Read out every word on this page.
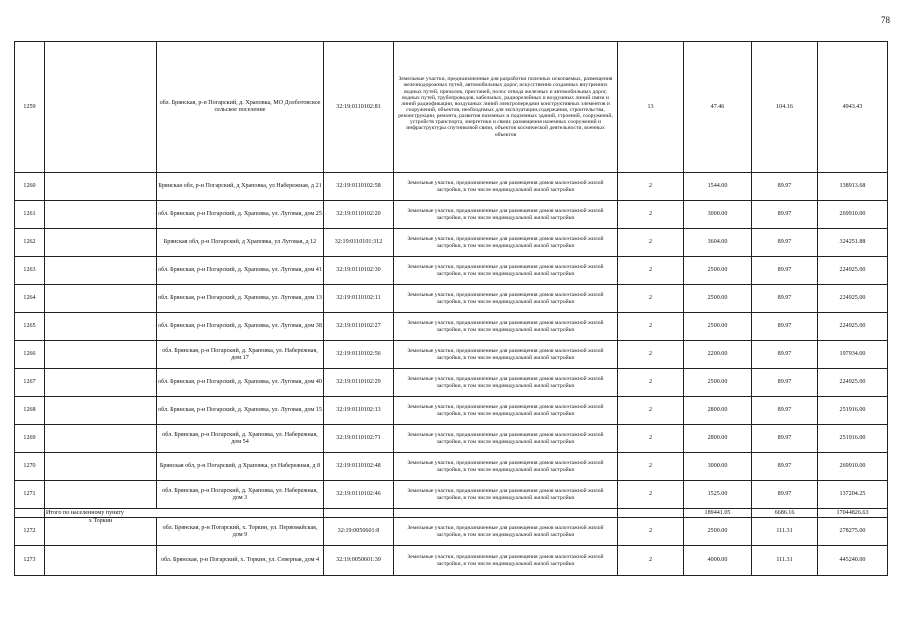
78
1259		обл. Брянская, р-н Погарский, д. Храповка, МО Долботовское сельское поселение	32:19:0110102:81	Земельные участки, предназначенные для разработки полезных ископаемых, размещения железнодорожных путей, автомобильных дорог, искусственно созданных внутренних водных путей, причалов, пристаней, полос отвода железных и автомобильных дорог, водных путей, трубопроводов, кабельных, радиорелейных и воздушных линий связи и линий радиофикации, воздушных линий электропередачи конструктивных элементов и сооружений, объектов, необходимых для эксплуатации,содержания, строительства, реконструкции, ремонта, развития наземных и подземных зданий, строений, сооружений, устройств транспорта, энергетики и связи; размещения наземных сооружений и инфраструктуры спутниковой связи, объектов космической деятельности, военных объектов	13	47.46	104.16	4943.43
1260		Брянская обл, р-н Погарский, д Храповка, ул Набережная, д 21	32:19:0110102:58	Земельные участки, предназначенные для размещения домов малоэтажной жилой застройки, в том числе индивидуальной жилой застройки	2	1544.00	89.97	138913.68
1261		обл. Брянская, р-н Погарский, д. Храповка, ул. Луговая, дом 25	32:19:0110102:20	Земельные участки, предназначенные для размещения домов малоэтажной жилой застройки, в том числе индивидуальной жилой застройки	2	3000.00	89.97	269910.00
1262		Брянская обл, р-н Погарский, д Храповка, ул Луговая, д 12	32:19:0110101:312	Земельные участки, предназначенные для размещения домов малоэтажной жилой застройки, в том числе индивидуальной жилой застройки	2	3604.00	89.97	324251.88
1263		обл. Брянская, р-н Погарский, д. Храповка, ул. Луговая, дом 41	32:19:0110102:30	Земельные участки, предназначенные для размещения домов малоэтажной жилой застройки, в том числе индивидуальной жилой застройки	2	2500.00	89.97	224925.00
1264		обл. Брянская, р-н Погарский, д. Храповка, ул. Луговая, дом 13	32:19:0110102:11	Земельные участки, предназначенные для размещения домов малоэтажной жилой застройки, в том числе индивидуальной жилой застройки	2	2500.00	89.97	224925.00
1265		обл. Брянская, р-н Погарский, д. Храповка, ул. Луговая, дом 38	32:19:0110102:27	Земельные участки, предназначенные для размещения домов малоэтажной жилой застройки, в том числе индивидуальной жилой застройки	2	2500.00	89.97	224925.00
1266		обл. Брянская, р-н Погарский, д. Храповка, ул. Набережная, дом 17	32:19:0110102:56	Земельные участки, предназначенные для размещения домов малоэтажной жилой застройки, в том числе индивидуальной жилой застройки	2	2200.00	89.97	197934.00
1267		обл. Брянская, р-н Погарский, д. Храповка, ул. Луговая, дом 40	32:19:0110102:29	Земельные участки, предназначенные для размещения домов малоэтажной жилой застройки, в том числе индивидуальной жилой застройки	2	2500.00	89.97	224925.00
1268		обл. Брянская, р-н Погарский, д. Храповка, ул. Луговая, дом 15	32:19:0110102:13	Земельные участки, предназначенные для размещения домов малоэтажной жилой застройки, в том числе индивидуальной жилой застройки	2	2800.00	89.97	251916.00
1269		обл. Брянская, р-н Погарский, д. Храповка, ул. Набережная, дом 54	32:19:0110102:71	Земельные участки, предназначенные для размещения домов малоэтажной жилой застройки, в том числе индивидуальной жилой застройки	2	2800.00	89.97	251916.00
1270		Брянская обл, р-н Погарский, д Храповка, ул Набережная, д 8	32:19:0110102:48	Земельные участки, предназначенные для размещения домов малоэтажной жилой застройки, в том числе индивидуальной жилой застройки	2	3000.00	89.97	269910.00
1271		обл. Брянская, р-н Погарский, д. Храповка, ул. Набережная, дом 3	32:19:0110102:46	Земельные участки, предназначенные для размещения домов малоэтажной жилой застройки, в том числе индивидуальной жилой застройки	2	1525.00	89.97	137204.25
	Итого по населенному пункту					189441.05	6686.16	17044826.63
1272	х Торкин	обл. Брянская, р-н Погарский, х. Торкин, ул. Первомайская, дом 9	32:19:0050601:8	Земельные участки, предназначенные для размещения домов малоэтажной жилой застройки, в том числе индивидуальной жилой застройки	2	2500.00	111.31	278275.00
1273		обл. Брянская, р-н Погарский, х. Торкин, ул. Северная, дом 4	32:19:0050601:39	Земельные участки, предназначенные для размещения домов малоэтажной жилой застройки, в том числе индивидуальной жилой застройки	2	4000.00	111.31	445240.00
